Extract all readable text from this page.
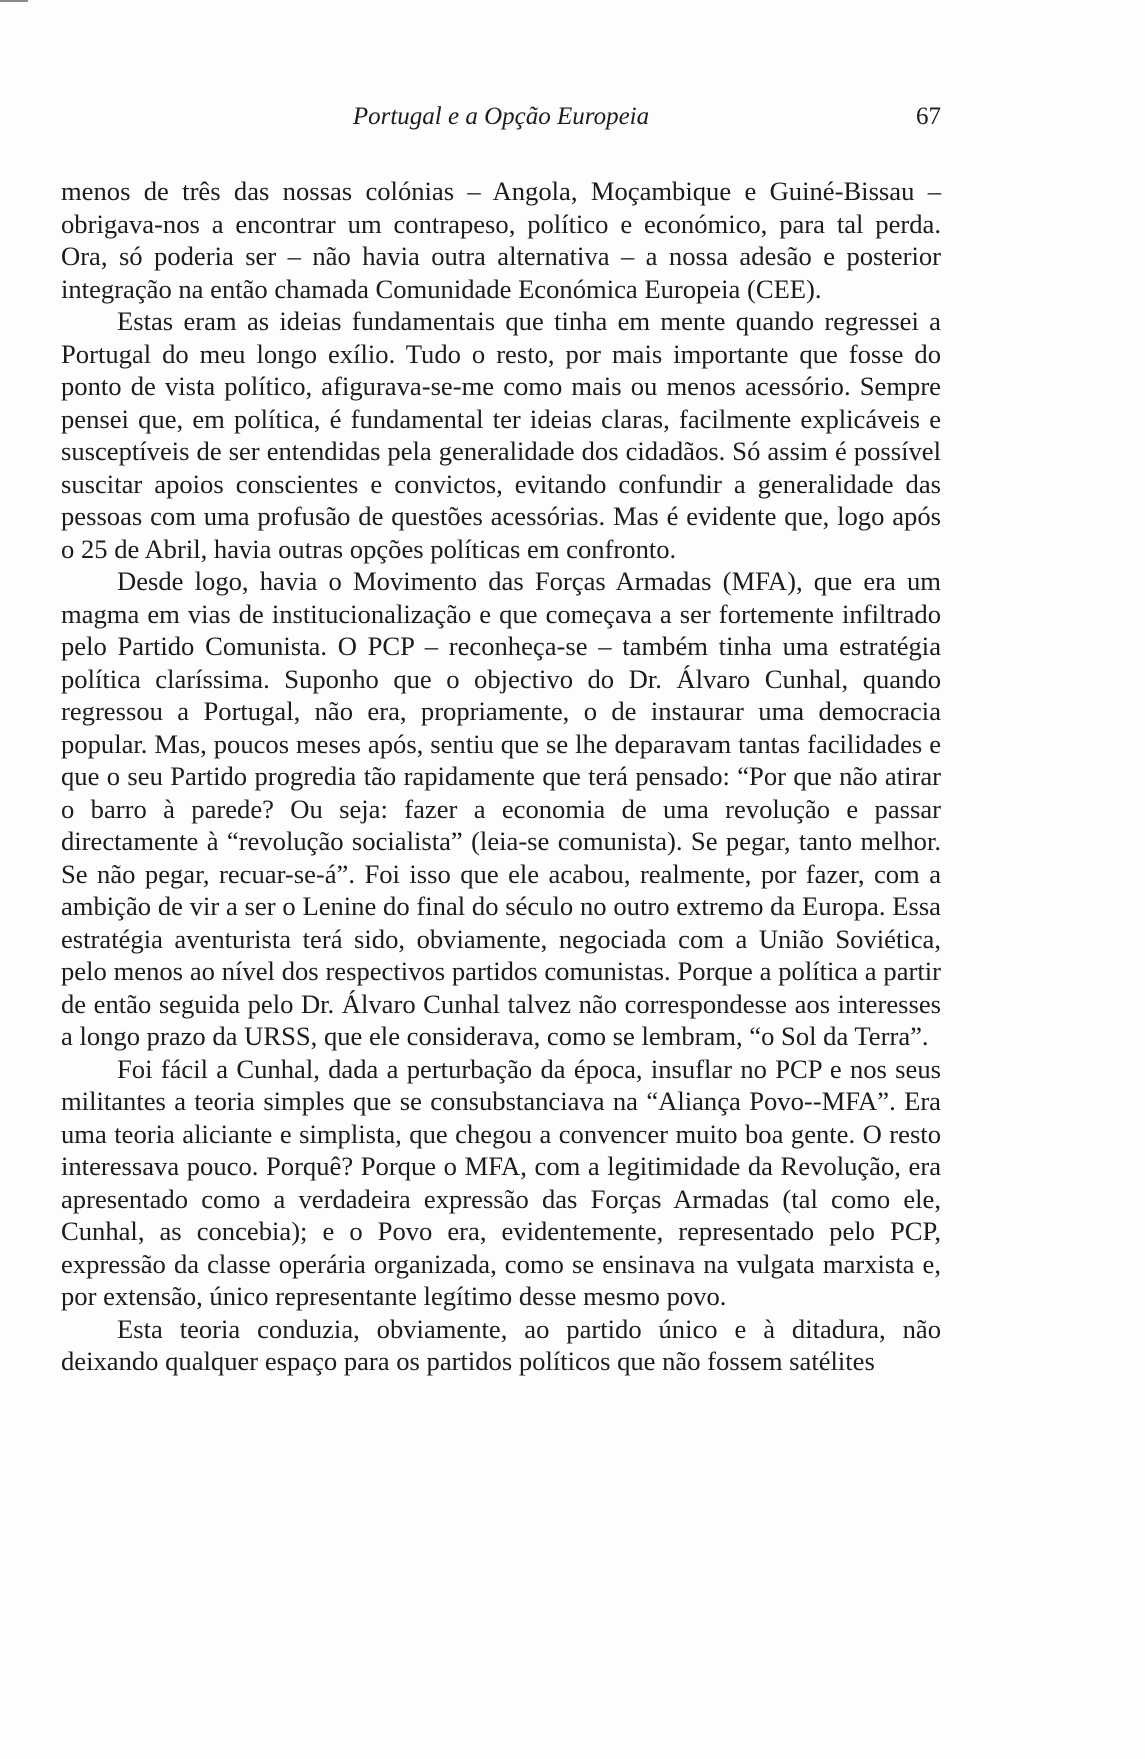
Portugal e a Opção Europeia	67

menos de três das nossas colónias – Angola, Moçambique e Guiné-Bissau – obrigava-nos a encontrar um contrapeso, político e económico, para tal perda. Ora, só poderia ser – não havia outra alternativa – a nossa adesão e posterior integração na então chamada Comunidade Económica Europeia (CEE).

Estas eram as ideias fundamentais que tinha em mente quando regressei a Portugal do meu longo exílio. Tudo o resto, por mais importante que fosse do ponto de vista político, afigurava-se-me como mais ou menos acessório. Sempre pensei que, em política, é fundamental ter ideias claras, facilmente explicáveis e susceptíveis de ser entendidas pela generalidade dos cidadãos. Só assim é possível suscitar apoios conscientes e convictos, evitando confundir a generalidade das pessoas com uma profusão de questões acessórias. Mas é evidente que, logo após o 25 de Abril, havia outras opções políticas em confronto.

Desde logo, havia o Movimento das Forças Armadas (MFA), que era um magma em vias de institucionalização e que começava a ser fortemente infiltrado pelo Partido Comunista. O PCP – reconheça-se – também tinha uma estratégia política claríssima. Suponho que o objectivo do Dr. Álvaro Cunhal, quando regressou a Portugal, não era, propriamente, o de instaurar uma democracia popular. Mas, poucos meses após, sentiu que se lhe deparavam tantas facilidades e que o seu Partido progredia tão rapidamente que terá pensado: “Por que não atirar o barro à parede? Ou seja: fazer a economia de uma revolução e passar directamente à “revolução socialista” (leia-se comunista). Se pegar, tanto melhor. Se não pegar, recuar-se-á”. Foi isso que ele acabou, realmente, por fazer, com a ambição de vir a ser o Lenine do final do século no outro extremo da Europa. Essa estratégia aventurista terá sido, obviamente, negociada com a União Soviética, pelo menos ao nível dos respectivos partidos comunistas. Porque a política a partir de então seguida pelo Dr. Álvaro Cunhal talvez não correspondesse aos interesses a longo prazo da URSS, que ele considerava, como se lembram, “o Sol da Terra”.

Foi fácil a Cunhal, dada a perturbação da época, insuflar no PCP e nos seus militantes a teoria simples que se consubstanciava na “Aliança Povo--MFA”. Era uma teoria aliciante e simplista, que chegou a convencer muito boa gente. O resto interessava pouco. Porquê? Porque o MFA, com a legitimidade da Revolução, era apresentado como a verdadeira expressão das Forças Armadas (tal como ele, Cunhal, as concebia); e o Povo era, evidentemente, representado pelo PCP, expressão da classe operária organizada, como se ensinava na vulgata marxista e, por extensão, único representante legítimo desse mesmo povo.

Esta teoria conduzia, obviamente, ao partido único e à ditadura, não deixando qualquer espaço para os partidos políticos que não fossem satélites
